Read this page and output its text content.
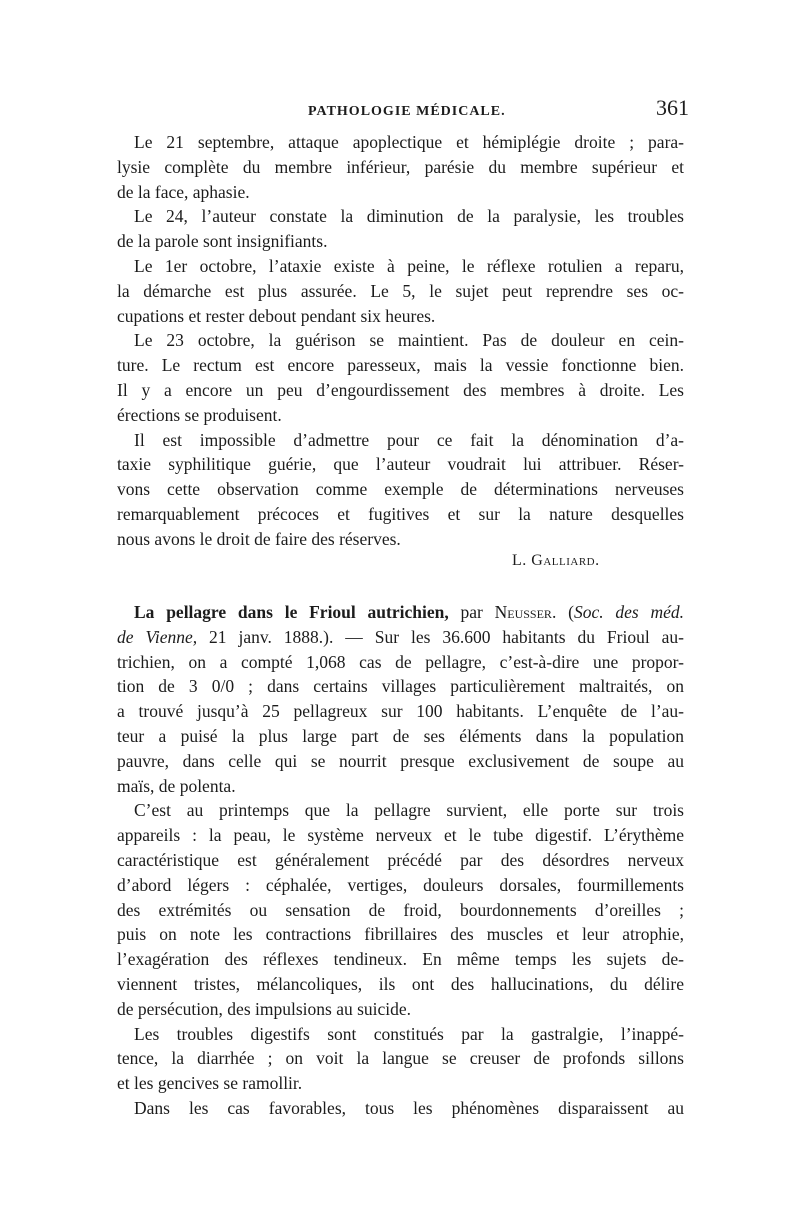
PATHOLOGIE MÉDICALE.	361
Le 21 septembre, attaque apoplectique et hémiplégie droite ; para-
lysie complète du membre inférieur, parésie du membre supérieur et
de la face, aphasie.
Le 24, l’auteur constate la diminution de la paralysie, les troubles
de la parole sont insignifiants.
Le 1er octobre, l’ataxie existe à peine, le réflexe rotulien a reparu,
la démarche est plus assurée. Le 5, le sujet peut reprendre ses oc-
cupations et rester debout pendant six heures.
Le 23 octobre, la guérison se maintient. Pas de douleur en cein-
ture. Le rectum est encore paresseux, mais la vessie fonctionne bien.
Il y a encore un peu d’engourdissement des membres à droite. Les
érections se produisent.
Il est impossible d’admettre pour ce fait la dénomination d’a-
taxie syphilitique guérie, que l’auteur voudrait lui attribuer. Réser-
vons cette observation comme exemple de déterminations nerveuses
remarquablement précoces et fugitives et sur la nature desquelles
nous avons le droit de faire des réserves.
L. Galliard.
La pellagre dans le Frioul autrichien, par Neusser. (Soc. des méd.
de Vienne, 21 janv. 1888.). — Sur les 36.600 habitants du Frioul au-
trichien, on a compté 1,068 cas de pellagre, c’est-à-dire une propor-
tion de 3 0/0 ; dans certains villages particulièrement maltraités, on
a trouvé jusqu’à 25 pellagreux sur 100 habitants. L’enquête de l’au-
teur a puisé la plus large part de ses éléments dans la population
pauvre, dans celle qui se nourrit presque exclusivement de soupe au
maïs, de polenta.
C’est au printemps que la pellagre survient, elle porte sur trois
appareils : la peau, le système nerveux et le tube digestif. L’érythème
caractéristique est généralement précédé par des désordres nerveux
d’abord légers : céphalée, vertiges, douleurs dorsales, fourmillements
des extrémités ou sensation de froid, bourdonnements d’oreilles ;
puis on note les contractions fibrillaires des muscles et leur atrophie,
l’exagération des réflexes tendineux. En même temps les sujets de-
viennent tristes, mélancoliques, ils ont des hallucinations, du délire
de persécution, des impulsions au suicide.
Les troubles digestifs sont constitués par la gastralgie, l’inappé-
tence, la diarrhée ; on voit la langue se creuser de profonds sillons
et les gencives se ramollir.
Dans les cas favorables, tous les phénomènes disparaissent au
